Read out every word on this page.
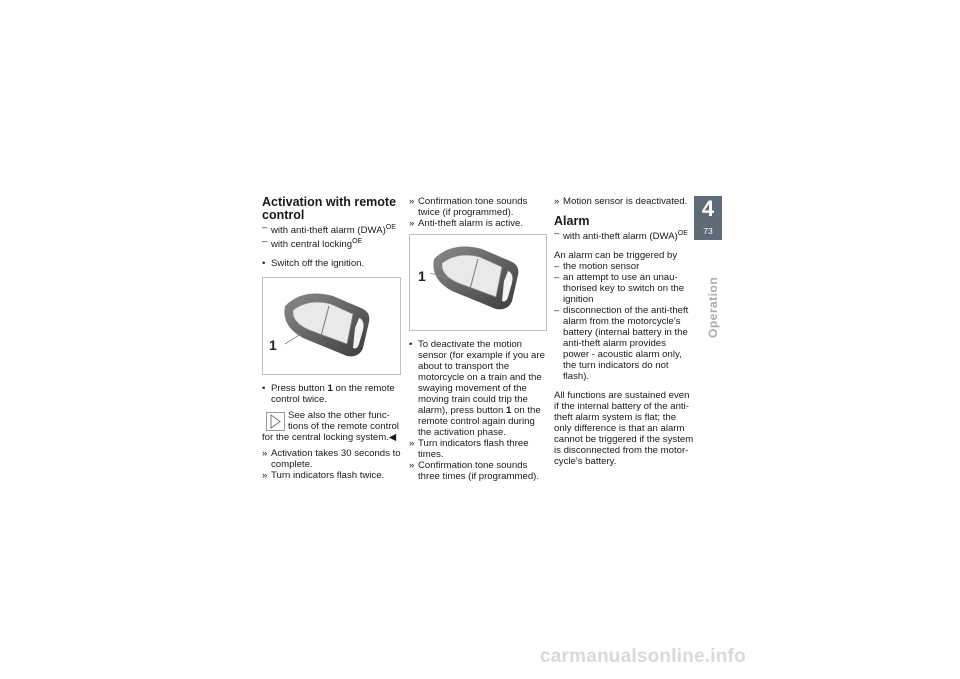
Activation with remote control

– with anti-theft alarm (DWA)$^{OE}$

– with central locking$^{OE}$

• Switch off the ignition.

1

• Press button 1 on the remote control twice.

See also the other func-

tions of the remote control

for the central locking system.◀

» Activation takes 30 seconds to complete.

» Turn indicators flash twice.

» Confirmation tone sounds twice (if programmed).

» Anti-theft alarm is active.

1

• To deactivate the motion sensor (for example if you are about to transport the motorcycle on a train and the swaying movement of the moving train could trip the alarm), press button 1 on the remote control again during the activation phase.

» Turn indicators flash three times.

» Confirmation tone sounds three times (if programmed).

» Motion sensor is deactivated.

Alarm

– with anti-theft alarm (DWA)$^{OE}$

An alarm can be triggered by

– the motion sensor

– an attempt to use an unau-thorised key to switch on the ignition

– disconnection of the anti-theft alarm from the motorcycle's battery (internal battery in the anti-theft alarm provides power - acoustic alarm only, the turn indicators do not flash).

All functions are sustained even if the internal battery of the anti-theft alarm system is flat; the only difference is that an alarm cannot be triggered if the system is disconnected from the motor-cycle's battery.

4
73
Operation
carmanualsonline.info
